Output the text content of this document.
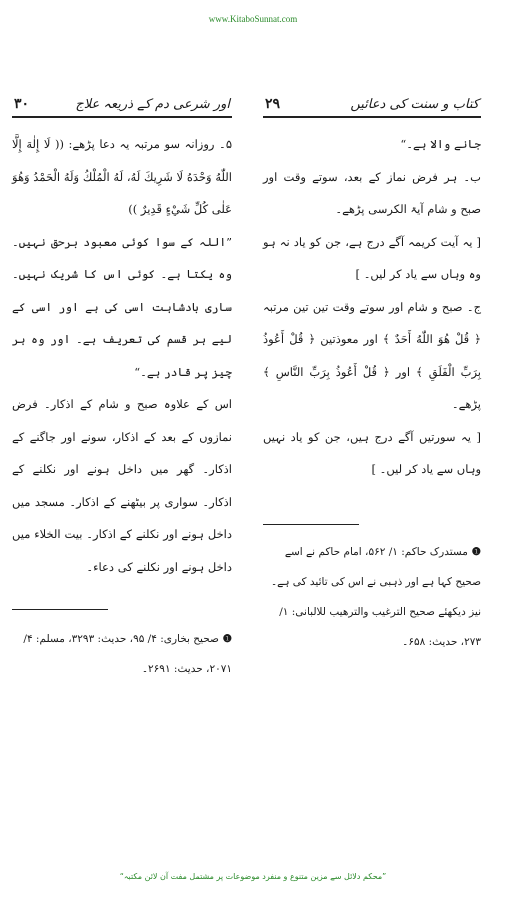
www.KitaboSunnat.com
اور شرعی دم کے ذریعہ علاج
۳۰

۵۔ روزانہ سو مرتبہ یہ دعا پڑھے: (( لَا إِلٰهَ إِلَّا اللّٰهُ وَحْدَهُ لَا شَرِيكَ لَهُ، لَهُ الْمُلْكُ وَلَهُ الْحَمْدُ وَهُوَ عَلٰى كُلِّ شَيْءٍ قَدِيرٌ ))

”اللہ کے سوا کوئی معبود برحق نہیں۔ وہ یکتا ہے۔ کوئی اس کا شریک نہیں۔ ساری بادشاہت اسی کی ہے اور اسی کے لیے ہر قسم کی تعریف ہے۔ اور وہ ہر چیز پر قادر ہے۔“

اس کے علاوہ صبح و شام کے اذکار۔ فرض نمازوں کے بعد کے اذکار، سونے اور جاگنے کے اذکار۔ گھر میں داخل ہونے اور نکلنے کے اذکار۔ سواری پر بیٹھنے کے اذکار۔ مسجد میں داخل ہونے اور نکلنے کے اذکار۔ بیت الخلاء میں داخل ہونے اور نکلنے کی دعاء۔

❶ صحیح بخاری: ۴/ ۹۵، حدیث: ۳۲۹۳، مسلم: ۴/ ۲۰۷۱، حدیث: ۲۶۹۱۔

کتاب و سنت کی دعائیں
۲۹

جانے والا ہے۔“

ب۔ ہر فرض نماز کے بعد، سوتے وقت اور صبح و شام آیۃ الکرسی پڑھے۔

[ یہ آیت کریمہ آگے درج ہے، جن کو یاد نہ ہو وہ وہاں سے یاد کر لیں۔ ]

ج۔ صبح و شام اور سوتے وقت تین تین مرتبہ ﴿ قُلْ هُوَ اللّٰهُ أَحَدٌ ﴾ اور معوذتین ﴿ قُلْ أَعُوذُ بِرَبِّ الْفَلَقِ ﴾ اور ﴿ قُلْ أَعُوذُ بِرَبِّ النَّاسِ ﴾ پڑھے۔

[ یہ سورتیں آگے درج ہیں، جن کو یاد نہیں وہاں سے یاد کر لیں۔ ]

❶ مستدرک حاکم: ۱/ ۵۶۲، امام حاکم نے اسے صحیح کہا ہے اور ذہبی نے اس کی تائید کی ہے۔ نیز دیکھئے صحیح الترغیب والترهیب للالبانی: ۱/ ۲۷۳، حدیث: ۶۵۸۔

”محکم دلائل سے مزین متنوع و منفرد موضوعات پر مشتمل مفت آن لائن مکتبہ“
